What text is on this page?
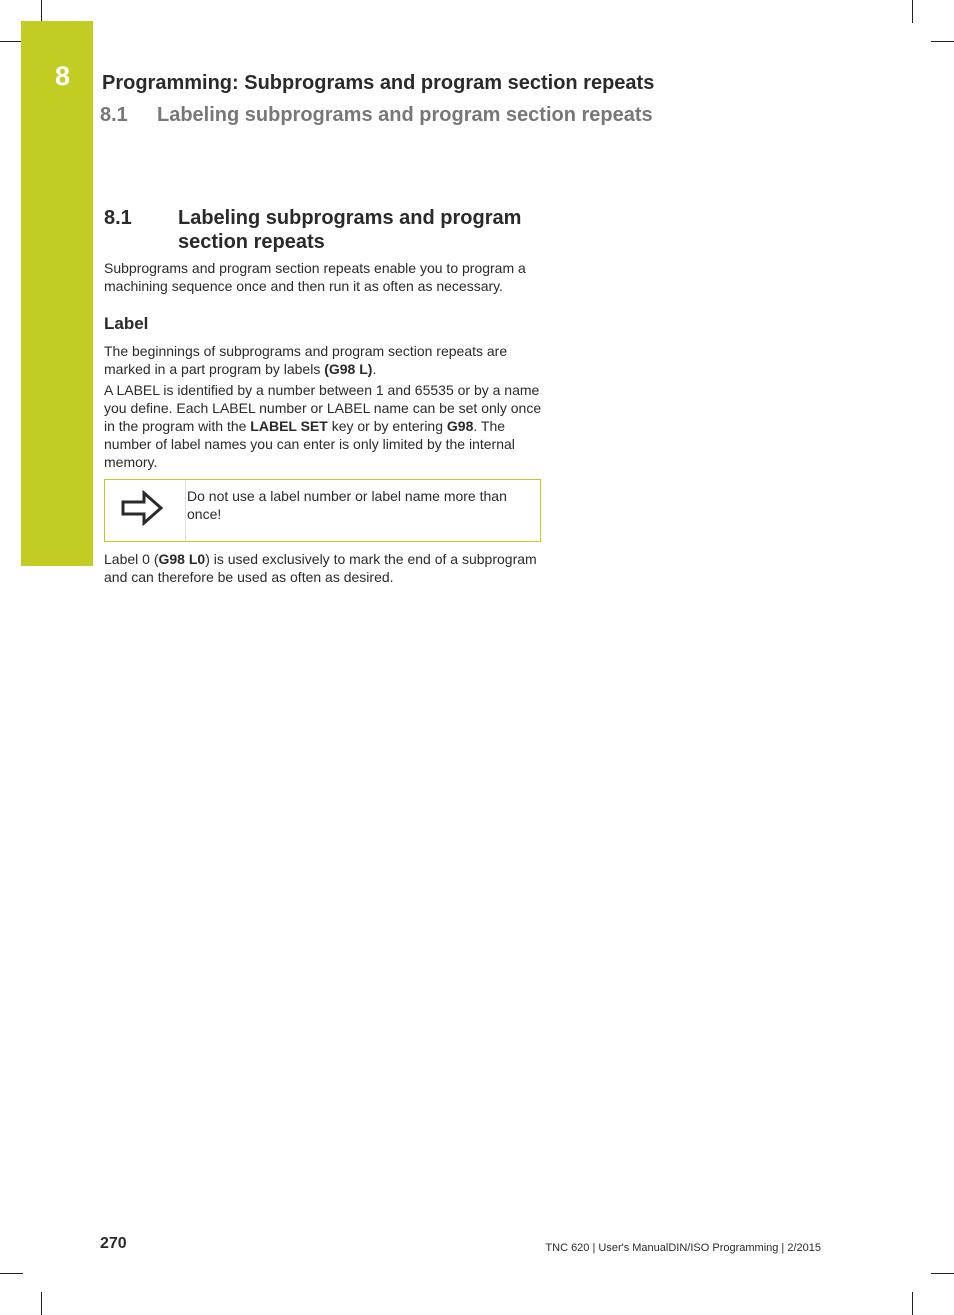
8 Programming: Subprograms and program section repeats
8.1 Labeling subprograms and program section repeats
8.1 Labeling subprograms and program section repeats
Subprograms and program section repeats enable you to program a machining sequence once and then run it as often as necessary.
Label
The beginnings of subprograms and program section repeats are marked in a part program by labels (G98 L).
A LABEL is identified by a number between 1 and 65535 or by a name you define. Each LABEL number or LABEL name can be set only once in the program with the LABEL SET key or by entering G98. The number of label names you can enter is only limited by the internal memory.
Do not use a label number or label name more than once!
Label 0 (G98 L0) is used exclusively to mark the end of a subprogram and can therefore be used as often as desired.
270	TNC 620 | User's ManualDIN/ISO Programming | 2/2015
